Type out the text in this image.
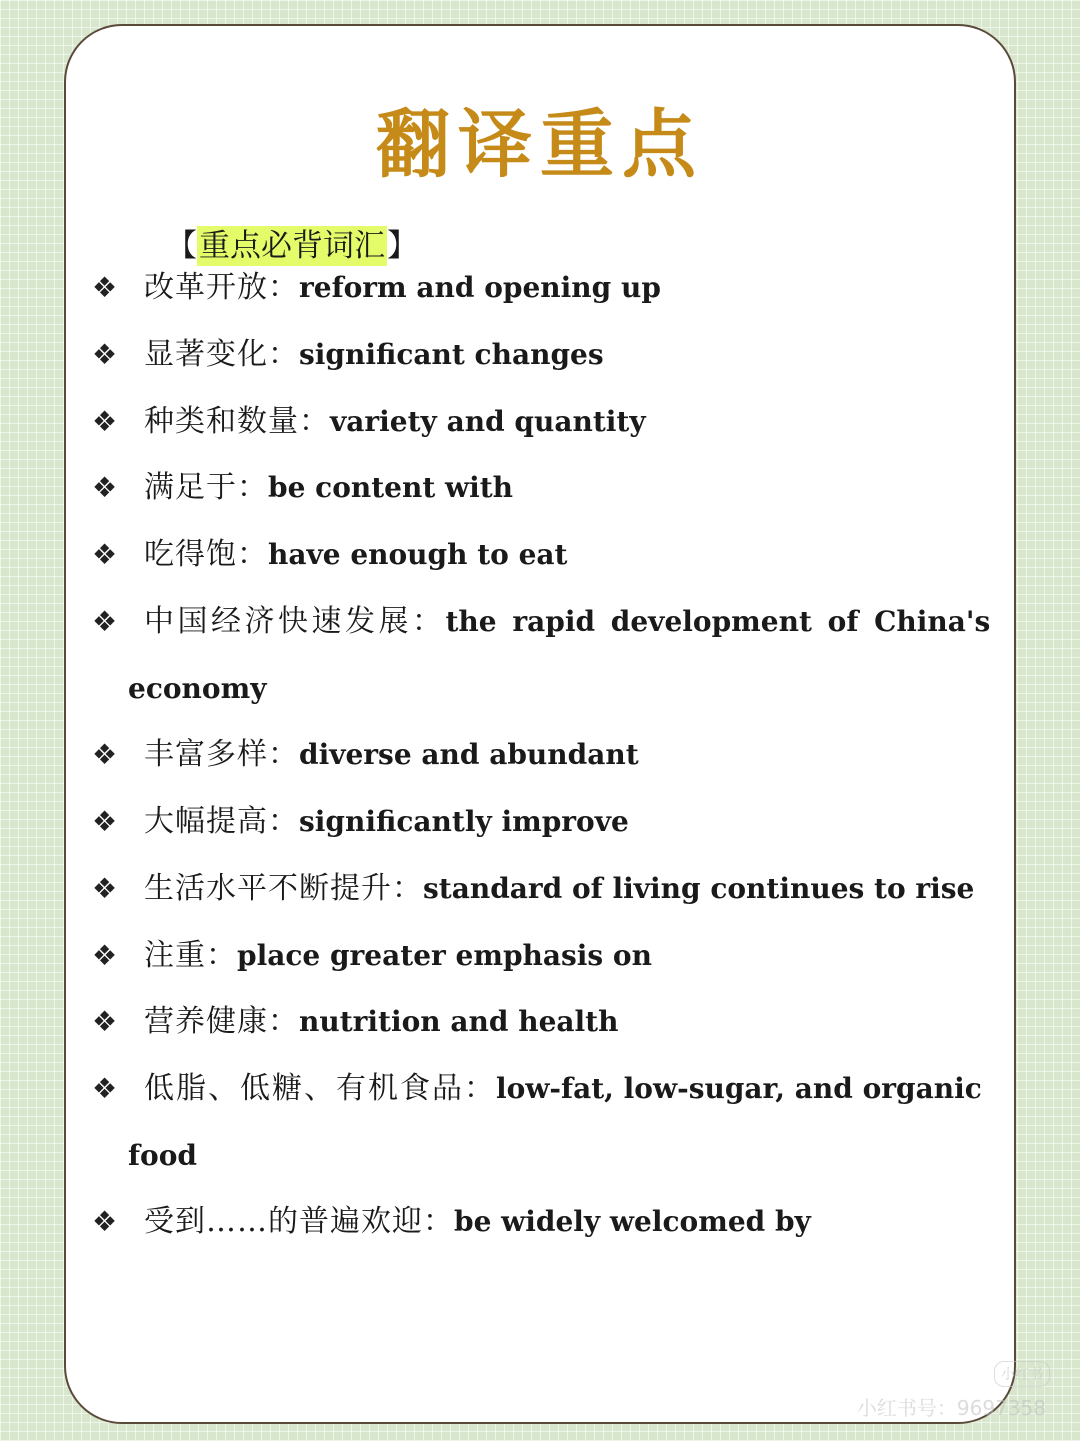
翻译重点

【重点必背词汇】

❖ 改革开放：reform and opening up
❖ 显著变化：significant changes
❖ 种类和数量：variety and quantity
❖ 满足于：be content with
❖ 吃得饱：have enough to eat
❖ 中国经济快速发展：the rapid development of China's
economy
❖ 丰富多样：diverse and abundant
❖ 大幅提高：significantly improve
❖ 生活水平不断提升：standard of living continues to rise
❖ 注重：place greater emphasis on
❖ 营养健康：nutrition and health
❖ 低脂、低糖、有机食品：low-fat, low-sugar, and organic
food
❖ 受到……的普遍欢迎：be widely welcomed by
小红书
小红书号：9697358
